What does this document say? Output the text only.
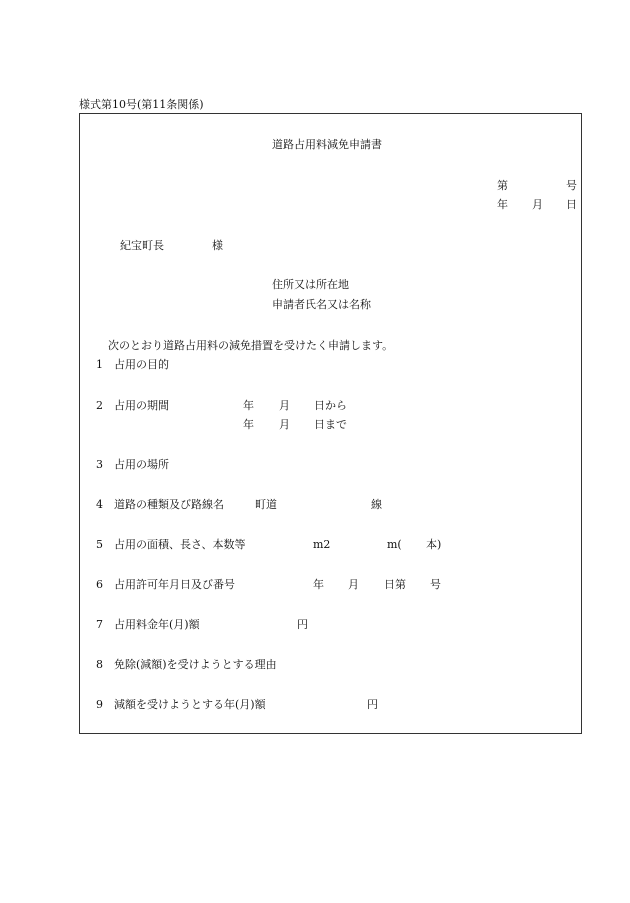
様式第10号(第11条関係)
道路占用料減免申請書
第	号
年 月 日
紀宝町長	様
住所又は所在地
申請者氏名又は名称
次のとおり道路占用料の減免措置を受けたく申請します。
1 占用の目的
2 占用の期間	年 月 日から
年 月 日まで
3 占用の場所
4 道路の種類及び路線名	町道	線
5 占用の面積、長さ、本数等	m2	m( 本)
6 占用許可年月日及び番号	年 月 日第 号
7 占用料金年(月)額	円
8 免除(減額)を受けようとする理由
9 減額を受けようとする年(月)額	円
